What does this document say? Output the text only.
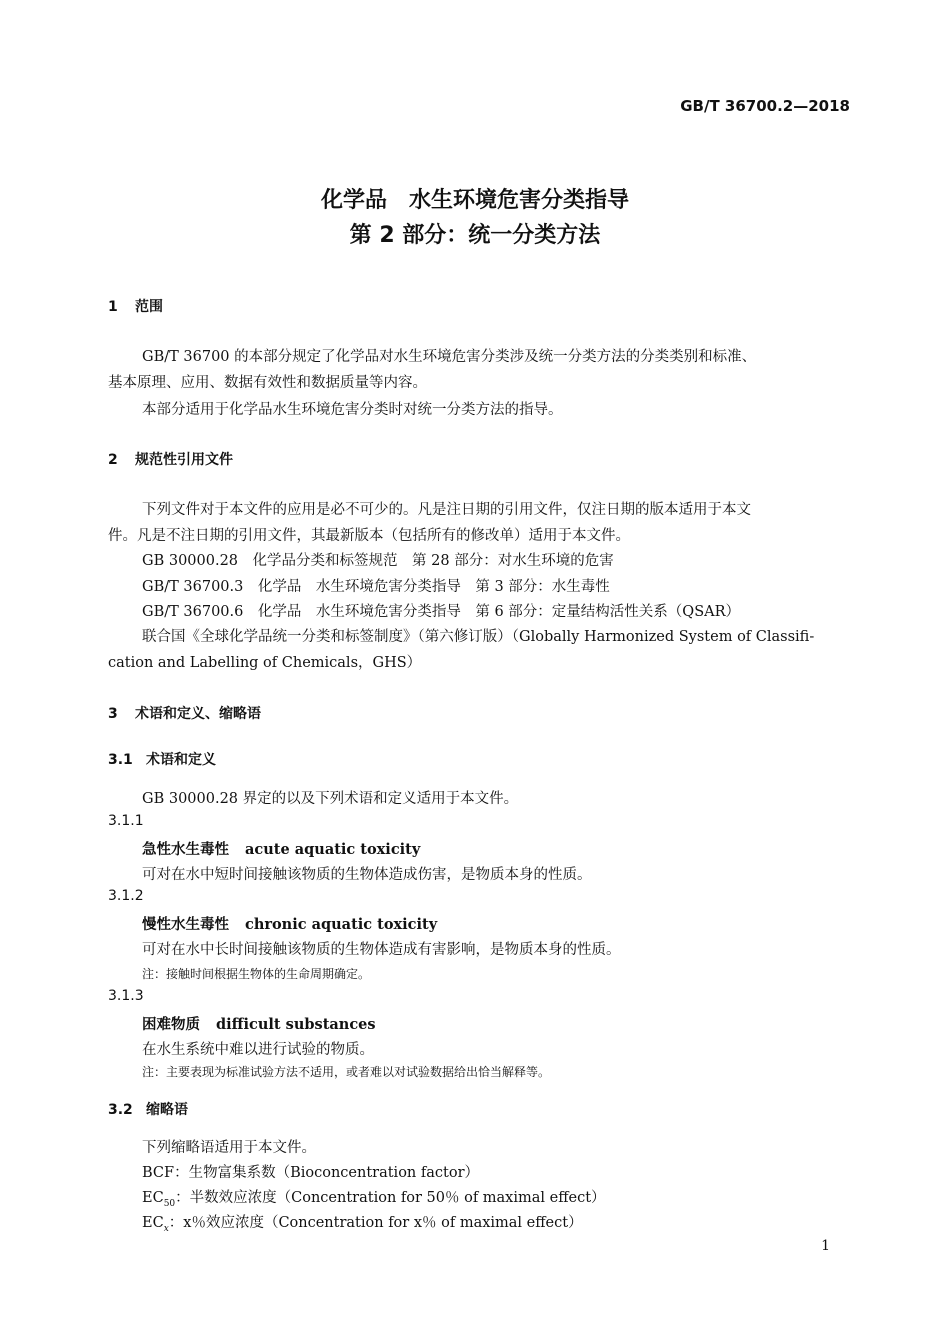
GB/T 36700.2—2018
化学品　水生环境危害分类指导
第 2 部分：统一分类方法
1 范围
GB/T 36700 的本部分规定了化学品对水生环境危害分类涉及统一分类方法的分类类别和标准、
基本原理、应用、数据有效性和数据质量等内容。
本部分适用于化学品水生环境危害分类时对统一分类方法的指导。
2 规范性引用文件
下列文件对于本文件的应用是必不可少的。凡是注日期的引用文件，仅注日期的版本适用于本文
件。凡是不注日期的引用文件，其最新版本（包括所有的修改单）适用于本文件。
GB 30000.28　化学品分类和标签规范　第 28 部分：对水生环境的危害
GB/T 36700.3　化学品　水生环境危害分类指导　第 3 部分：水生毒性
GB/T 36700.6　化学品　水生环境危害分类指导　第 6 部分：定量结构活性关系（QSAR）
联合国《全球化学品统一分类和标签制度》（第六修订版）（Globally Harmonized System of Classifi-
cation and Labelling of Chemicals，GHS）
3 术语和定义、缩略语
3.1 术语和定义
GB 30000.28 界定的以及下列术语和定义适用于本文件。
3.1.1
急性水生毒性 acute aquatic toxicity
可对在水中短时间接触该物质的生物体造成伤害，是物质本身的性质。
3.1.2
慢性水生毒性 chronic aquatic toxicity
可对在水中长时间接触该物质的生物体造成有害影响，是物质本身的性质。
注：接触时间根据生物体的生命周期确定。
3.1.3
困难物质 difficult substances
在水生系统中难以进行试验的物质。
注：主要表现为标准试验方法不适用，或者难以对试验数据给出恰当解释等。
3.2 缩略语
下列缩略语适用于本文件。
BCF：生物富集系数（Bioconcentration factor）
$EC_{50}$：半数效应浓度（Concentration for 50％ of maximal effect）
$EC_x$：x％效应浓度（Concentration for x％ of maximal effect）
1
